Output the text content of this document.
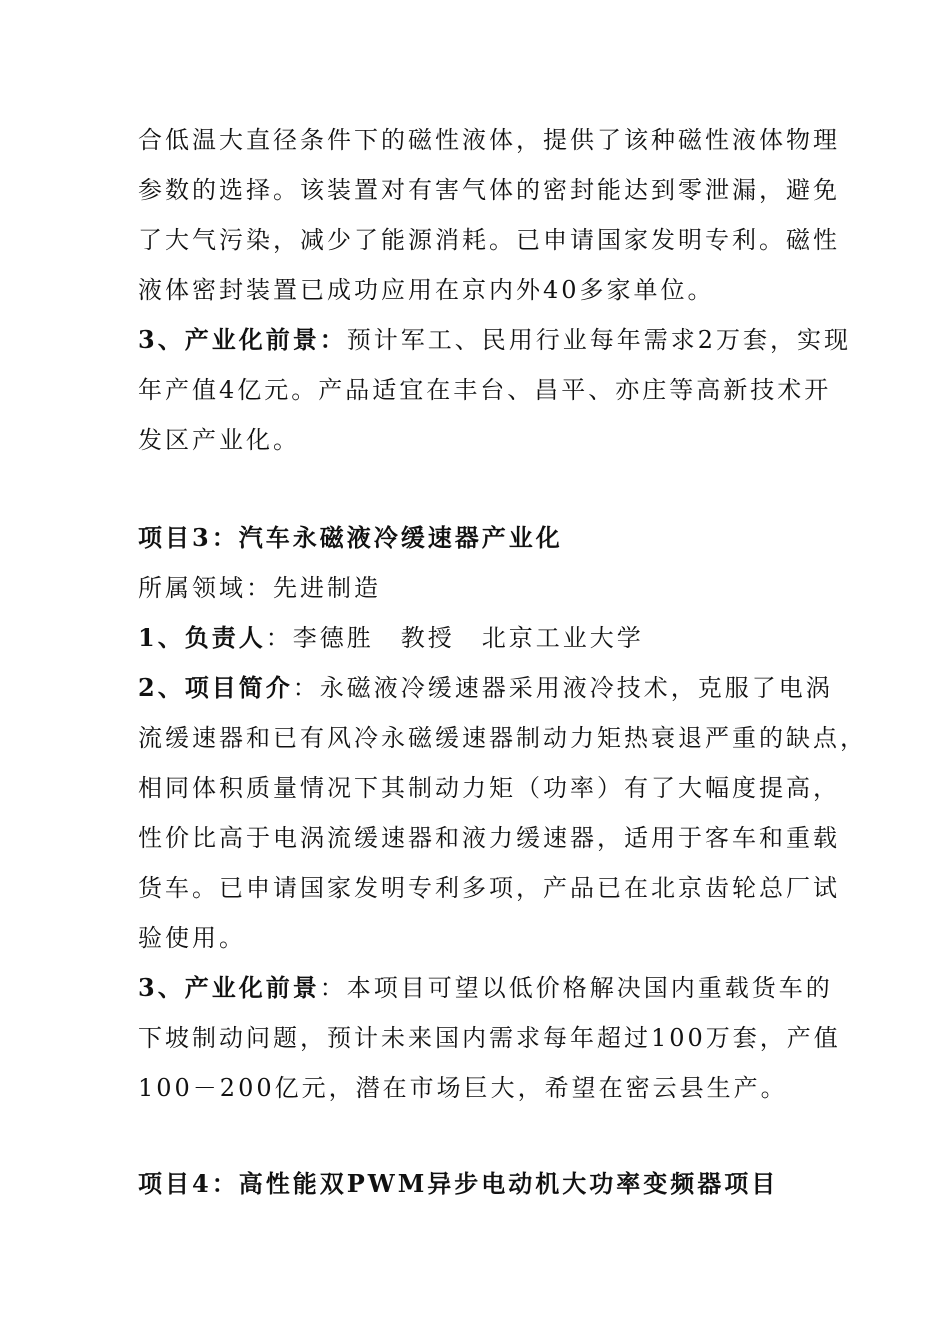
合低温大直径条件下的磁性液体，提供了该种磁性液体物理
参数的选择。该装置对有害气体的密封能达到零泄漏，避免
了大气污染，减少了能源消耗。已申请国家发明专利。磁性
液体密封装置已成功应用在京内外40多家单位。
3、产业化前景：预计军工、民用行业每年需求2万套，实现
年产值4亿元。产品适宜在丰台、昌平、亦庄等高新技术开
发区产业化。
项目3：汽车永磁液冷缓速器产业化
所属领域：先进制造
1、负责人：李德胜　教授　北京工业大学
2、项目简介：永磁液冷缓速器采用液冷技术，克服了电涡
流缓速器和已有风冷永磁缓速器制动力矩热衰退严重的缺点，
相同体积质量情况下其制动力矩（功率）有了大幅度提高，
性价比高于电涡流缓速器和液力缓速器，适用于客车和重载
货车。已申请国家发明专利多项，产品已在北京齿轮总厂试
验使用。
3、产业化前景：本项目可望以低价格解决国内重载货车的
下坡制动问题，预计未来国内需求每年超过100万套，产值
100－200亿元，潜在市场巨大，希望在密云县生产。
项目4：高性能双PWM异步电动机大功率变频器项目
